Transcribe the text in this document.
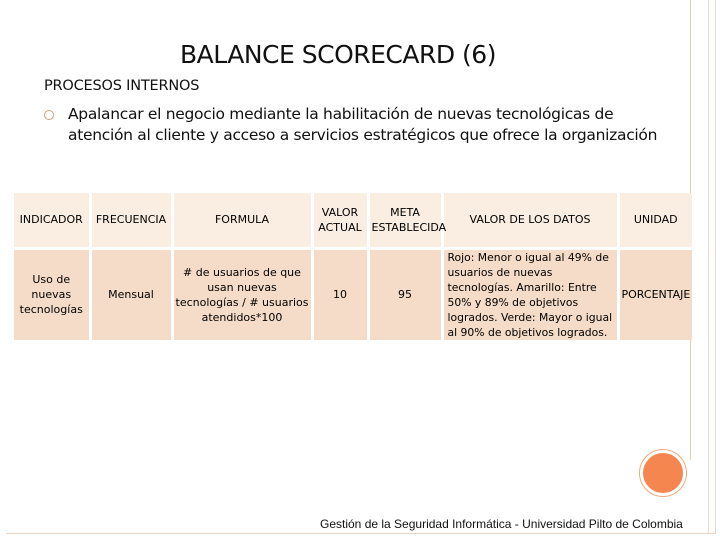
BALANCE SCORECARD (6)
PROCESOS INTERNOS
Apalancar el negocio mediante la habilitación de nuevas tecnológicas de atención al cliente y acceso a servicios estratégicos que ofrece la organización
INDICADOR	FRECUENCIA	FORMULA	VALOR ACTUAL	META ESTABLECIDA	VALOR DE LOS DATOS	UNIDAD
Uso de nuevas tecnologías	Mensual	# de usuarios de que usan nuevas tecnologías / # usuarios atendidos*100	10	95	Rojo: Menor o igual al 49% de usuarios de nuevas tecnologías. Amarillo: Entre 50% y 89% de objetivos logrados. Verde: Mayor o igual al 90% de objetivos logrados.	PORCENTAJE
Gestión de la Seguridad Informática - Universidad Pilto de Colombia
